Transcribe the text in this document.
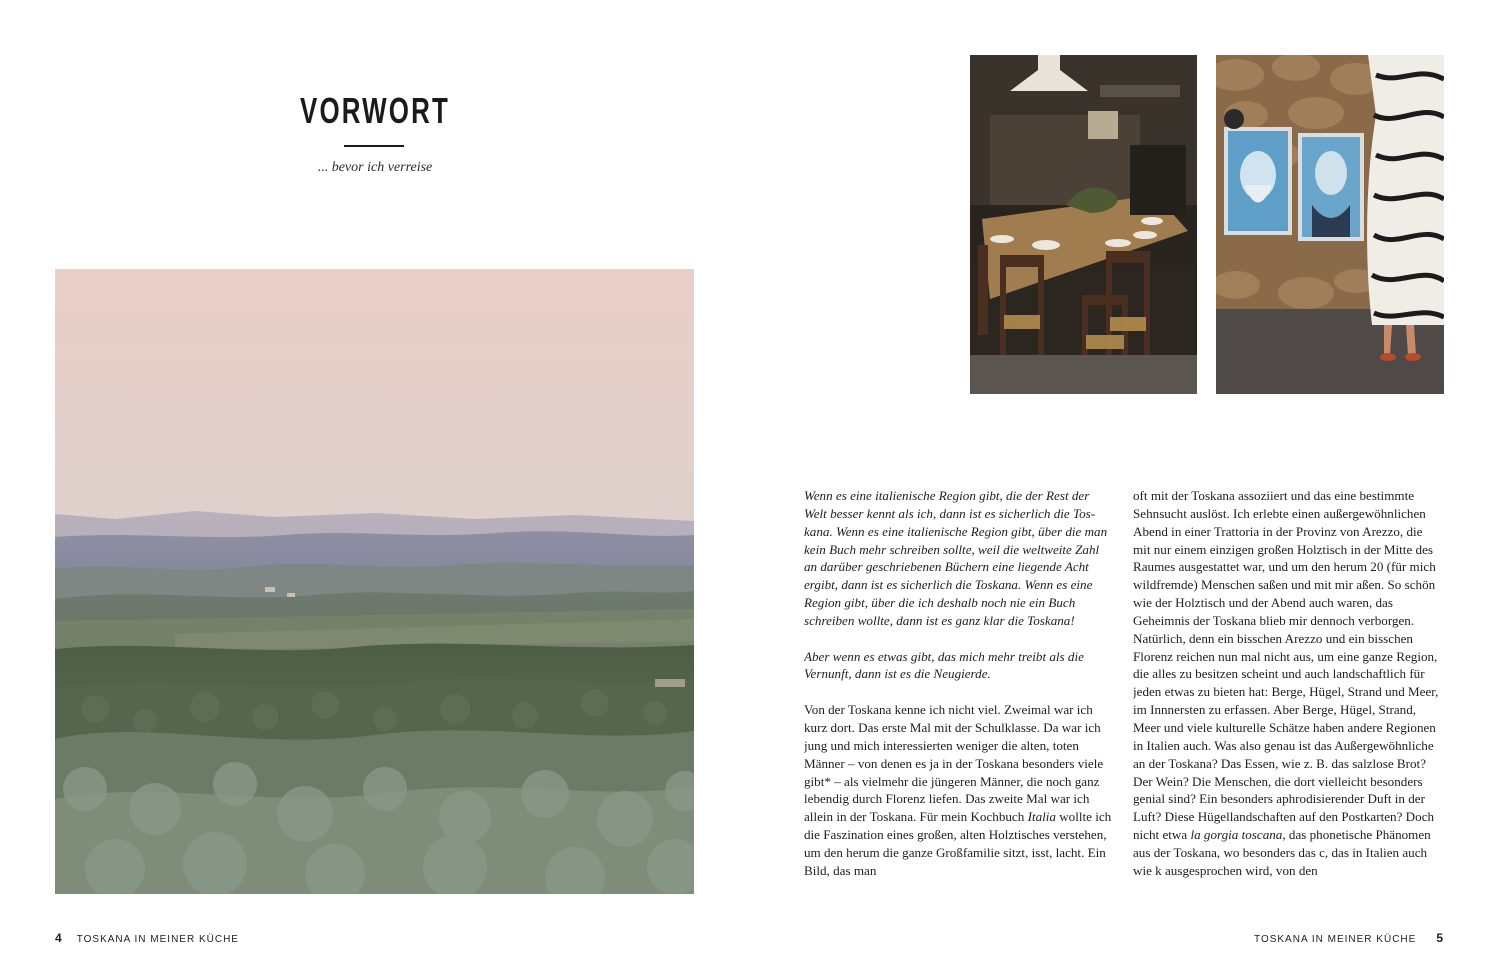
VORWORT
... bevor ich verreise
4 TOSKANA IN MEINER KÜCHE

Wenn es eine italienische Region gibt, die der Rest der Welt besser kennt als ich, dann ist es sicherlich die Toskana. Wenn es eine italienische Region gibt, über die man kein Buch mehr schreiben sollte, weil die weltweite Zahl an darüber geschriebenen Büchern eine liegende Acht ergibt, dann ist es sicherlich die Toskana. Wenn es eine Region gibt, über die ich deshalb noch nie ein Buch schreiben wollte, dann ist es ganz klar die Toskana!

Aber wenn es etwas gibt, das mich mehr treibt als die Vernunft, dann ist es die Neugierde.

Von der Toskana kenne ich nicht viel. Zweimal war ich kurz dort. Das erste Mal mit der Schulklasse. Da war ich jung und mich interessierten weniger die alten, toten Männer – von denen es ja in der Toskana besonders viele gibt* – als vielmehr die jüngeren Männer, die noch ganz lebendig durch Florenz liefen. Das zweite Mal war ich allein in der Toskana. Für mein Kochbuch Italia wollte ich die Faszination eines großen, alten Holztisches verstehen, um den herum die ganze Großfamilie sitzt, isst, lacht. Ein Bild, das man

oft mit der Toskana assoziiert und das eine bestimmte Sehnsucht auslöst. Ich erlebte einen außergewöhnlichen Abend in einer Trattoria in der Provinz von Arezzo, die mit nur einem einzigen großen Holztisch in der Mitte des Raumes ausgestattet war, und um den herum 20 (für mich wildfremde) Menschen saßen und mit mir aßen. So schön wie der Holztisch und der Abend auch waren, das Geheimnis der Toskana blieb mir dennoch verborgen. Natürlich, denn ein bisschen Arezzo und ein bisschen Florenz reichen nun mal nicht aus, um eine ganze Region, die alles zu besitzen scheint und auch landschaftlich für jeden etwas zu bieten hat: Berge, Hügel, Strand und Meer, im Innnersten zu erfassen. Aber Berge, Hügel, Strand, Meer und viele kulturelle Schätze haben andere Regionen in Italien auch. Was also genau ist das Außergewöhnliche an der Toskana? Das Essen, wie z. B. das salzlose Brot? Der Wein? Die Menschen, die dort vielleicht besonders genial sind? Ein besonders aphrodisierender Duft in der Luft? Diese Hügellandschaften auf den Postkarten? Doch nicht etwa la gorgia toscana, das phonetische Phänomen aus der Toskana, wo besonders das c, das in Italien auch wie k ausgesprochen wird, von den

TOSKANA IN MEINER KÜCHE 5
